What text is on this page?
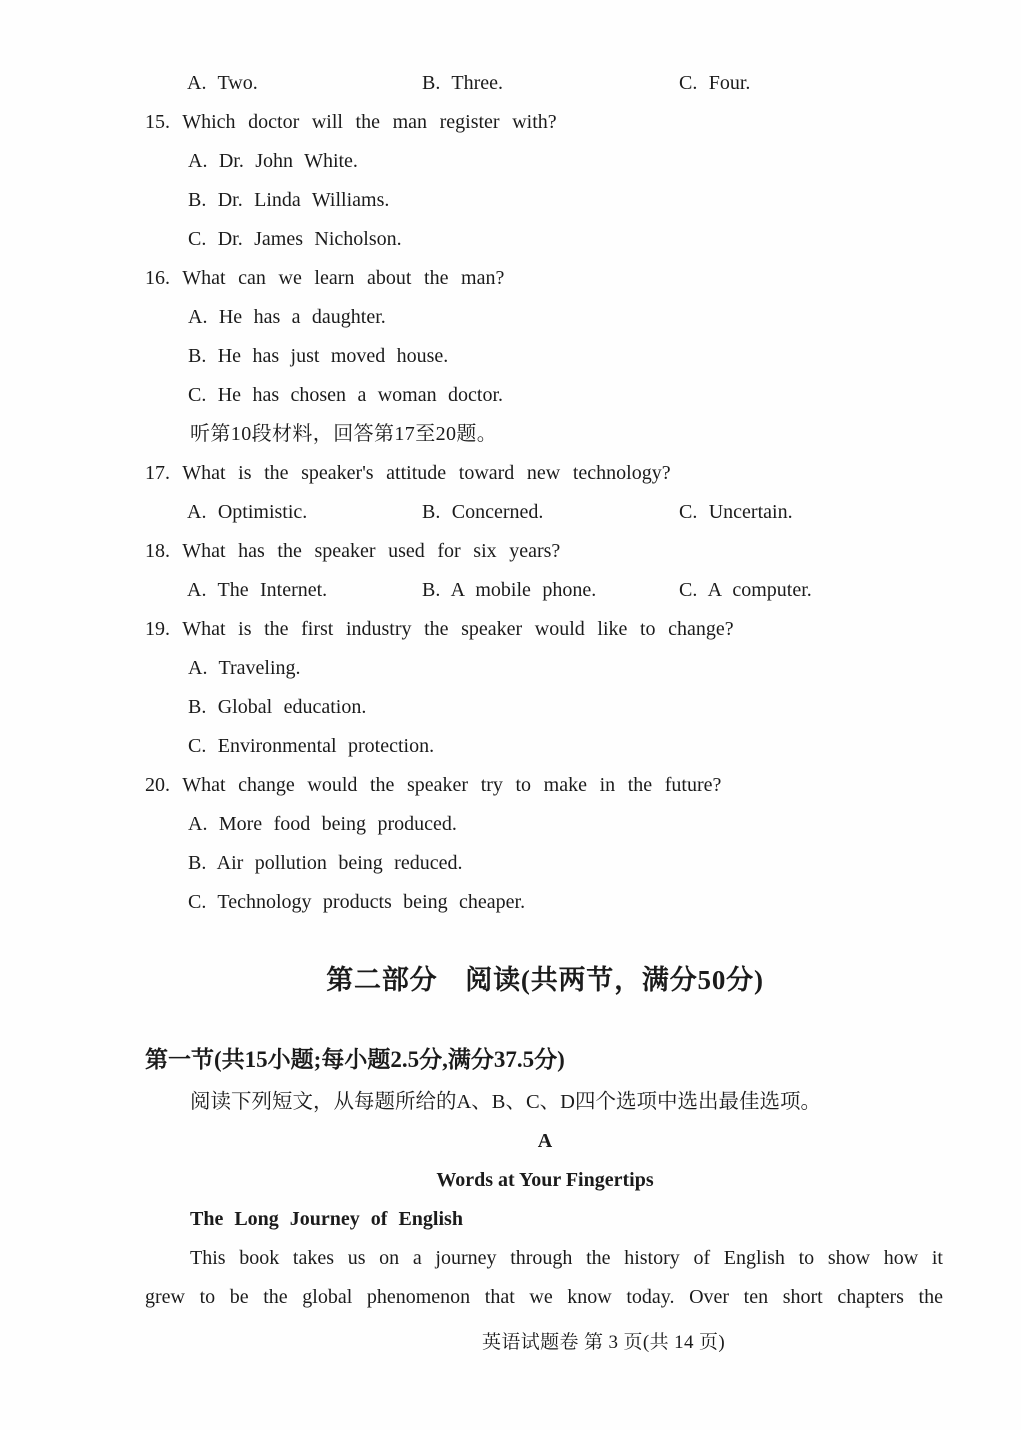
A. Two.	B. Three.	C. Four.
15. Which doctor will the man register with?
A. Dr. John White.
B. Dr. Linda Williams.
C. Dr. James Nicholson.
16. What can we learn about the man?
A. He has a daughter.
B. He has just moved house.
C. He has chosen a woman doctor.
听第10段材料，回答第17至20题。
17. What is the speaker's attitude toward new technology?
A. Optimistic.	B. Concerned.	C. Uncertain.
18. What has the speaker used for six years?
A. The Internet.	B. A mobile phone.	C. A computer.
19. What is the first industry the speaker would like to change?
A. Traveling.
B. Global education.
C. Environmental protection.
20. What change would the speaker try to make in the future?
A. More food being produced.
B. Air pollution being reduced.
C. Technology products being cheaper.
第二部分　阅读(共两节，满分50分)
第一节(共15小题;每小题2.5分,满分37.5分)
阅读下列短文，从每题所给的A、B、C、D四个选项中选出最佳选项。
A
Words at Your Fingertips
The Long Journey of English
This book takes us on a journey through the history of English to show how it
grew to be the global phenomenon that we know today. Over ten short chapters the
英语试题卷 第 3 页(共 14 页)
